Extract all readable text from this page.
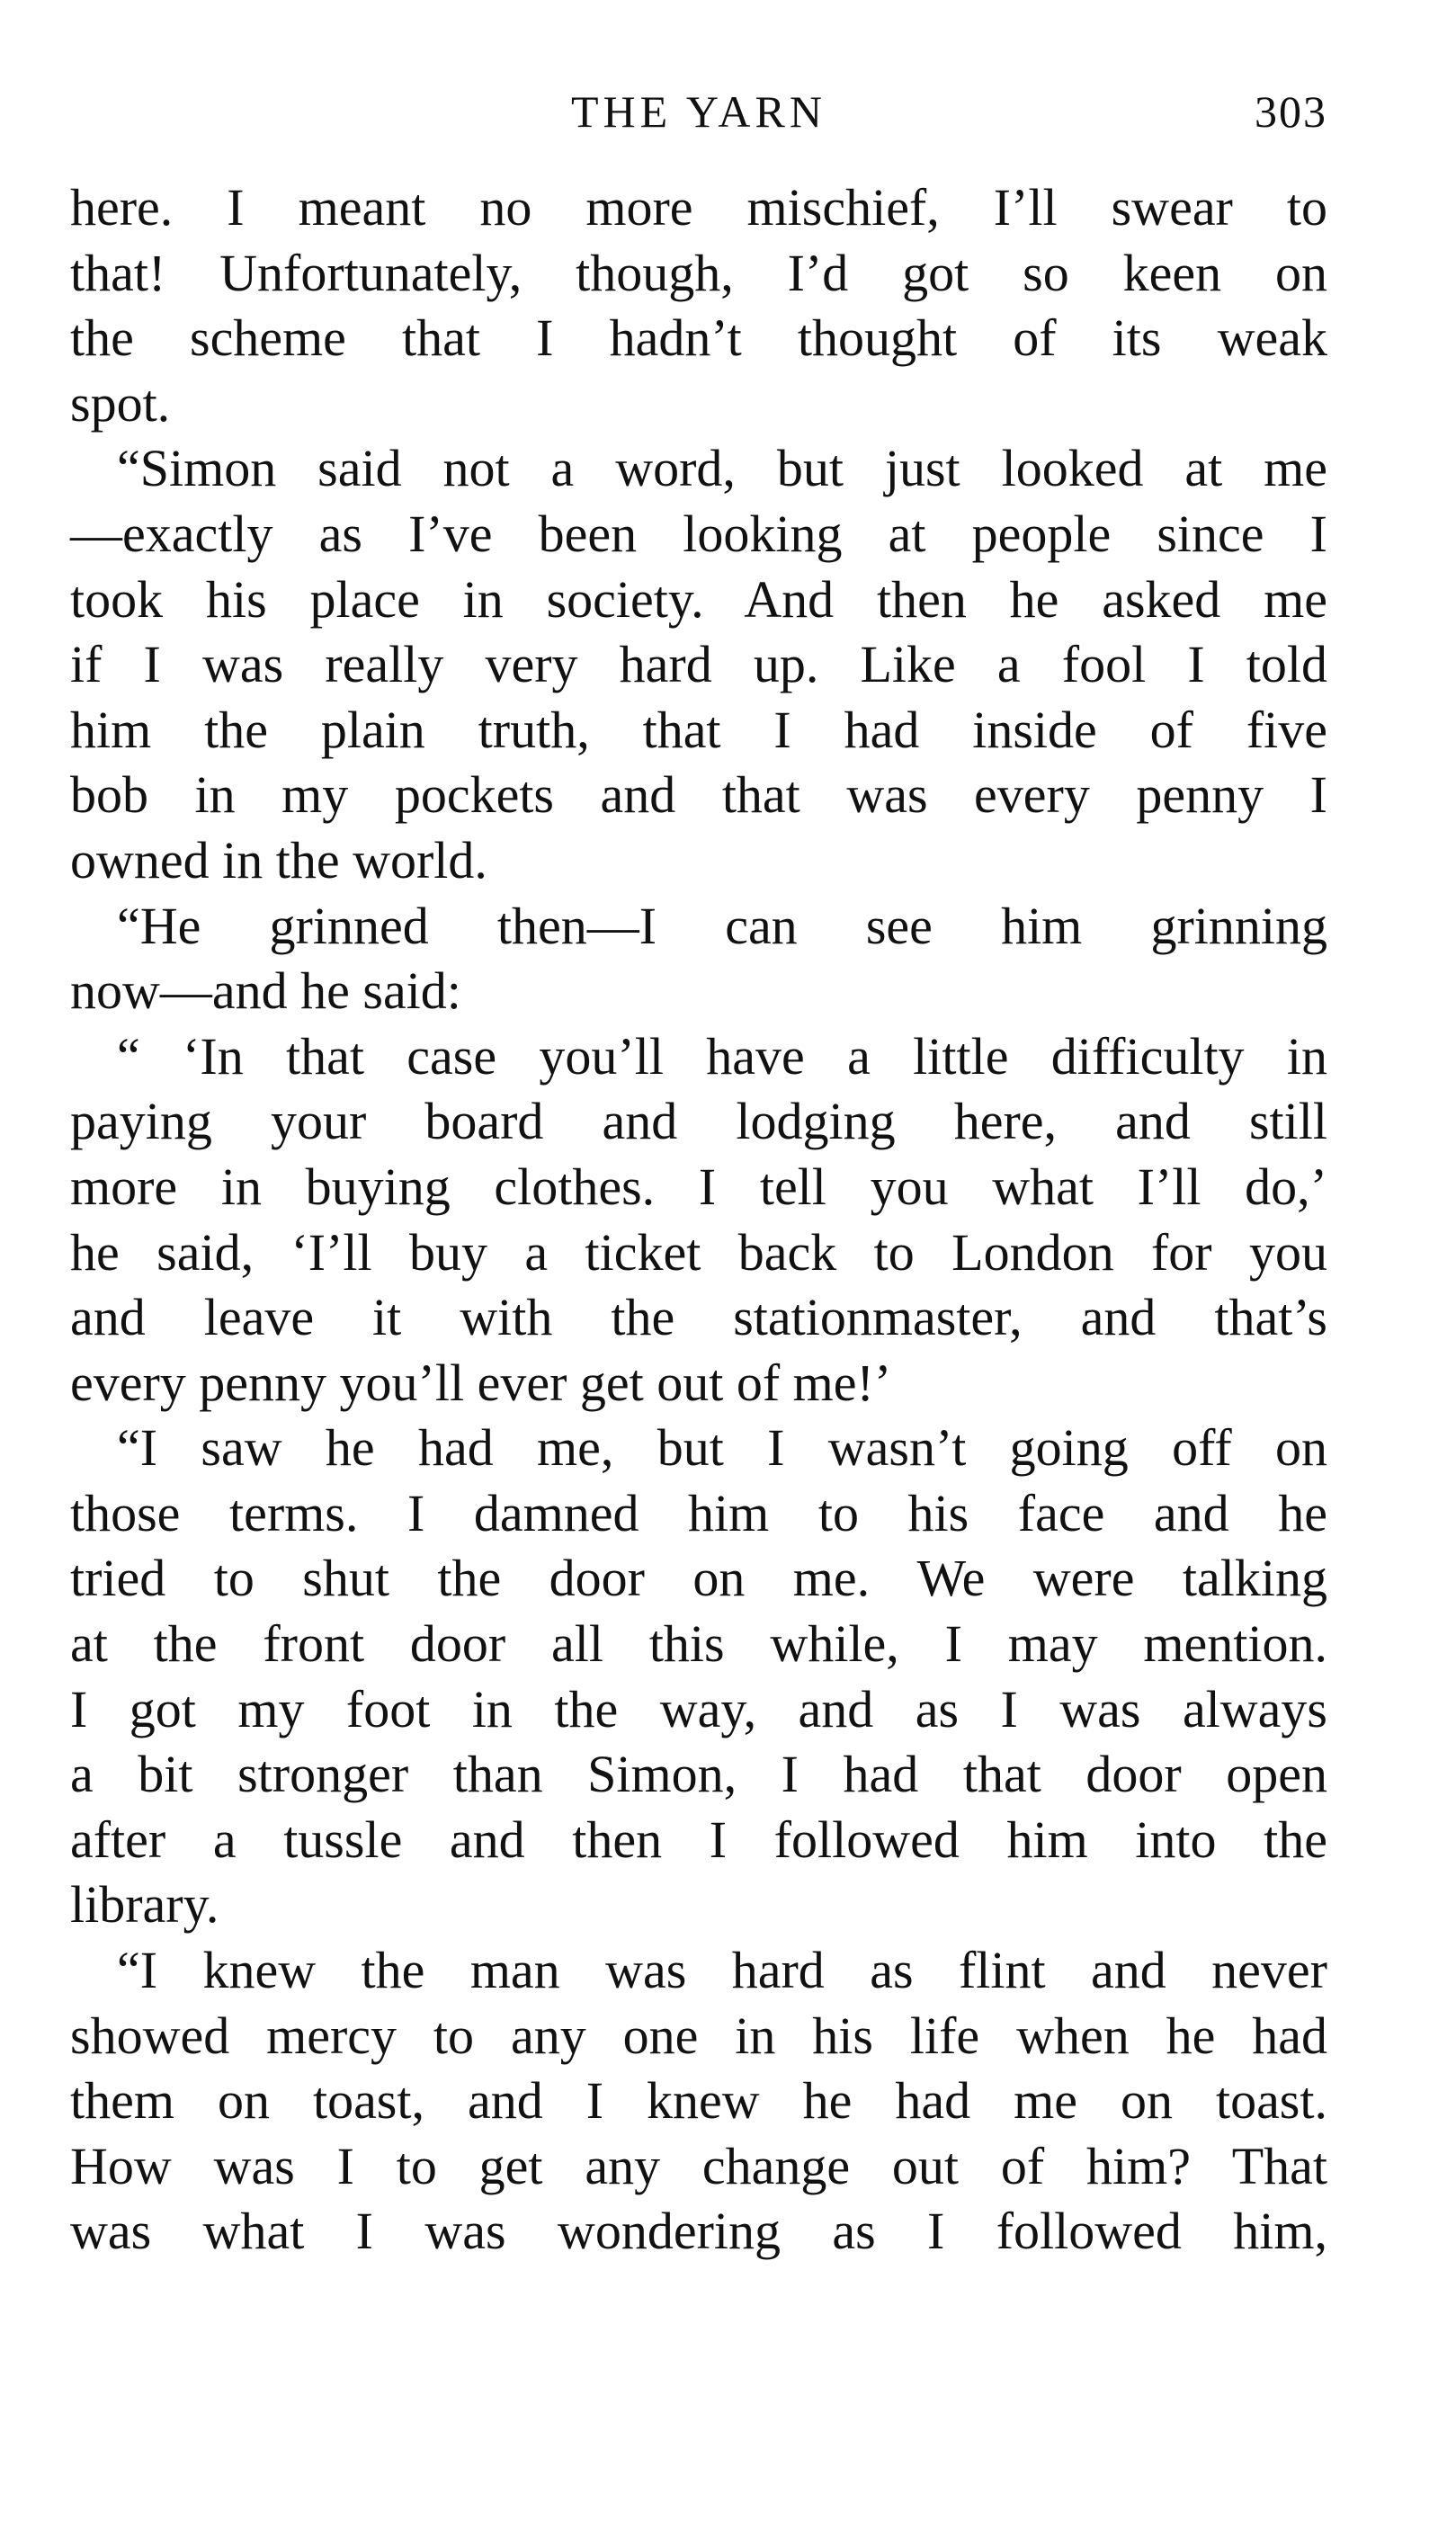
THE YARN	303
here. I meant no more mischief, I’ll swear to
that! Unfortunately, though, I’d got so keen on
the scheme that I hadn’t thought of its weak
spot.
“Simon said not a word, but just looked at me
—exactly as I’ve been looking at people since I
took his place in society. And then he asked me
if I was really very hard up. Like a fool I told
him the plain truth, that I had inside of five
bob in my pockets and that was every penny I
owned in the world.
“He grinned then—I can see him grinning
now—and he said:
“ ‘In that case you’ll have a little difficulty in
paying your board and lodging here, and still
more in buying clothes. I tell you what I’ll do,’
he said, ‘I’ll buy a ticket back to London for you
and leave it with the stationmaster, and that’s
every penny you’ll ever get out of me!’
“I saw he had me, but I wasn’t going off on
those terms. I damned him to his face and he
tried to shut the door on me. We were talking
at the front door all this while, I may mention.
I got my foot in the way, and as I was always
a bit stronger than Simon, I had that door open
after a tussle and then I followed him into the
library.
“I knew the man was hard as flint and never
showed mercy to any one in his life when he had
them on toast, and I knew he had me on toast.
How was I to get any change out of him? That
was what I was wondering as I followed him,
